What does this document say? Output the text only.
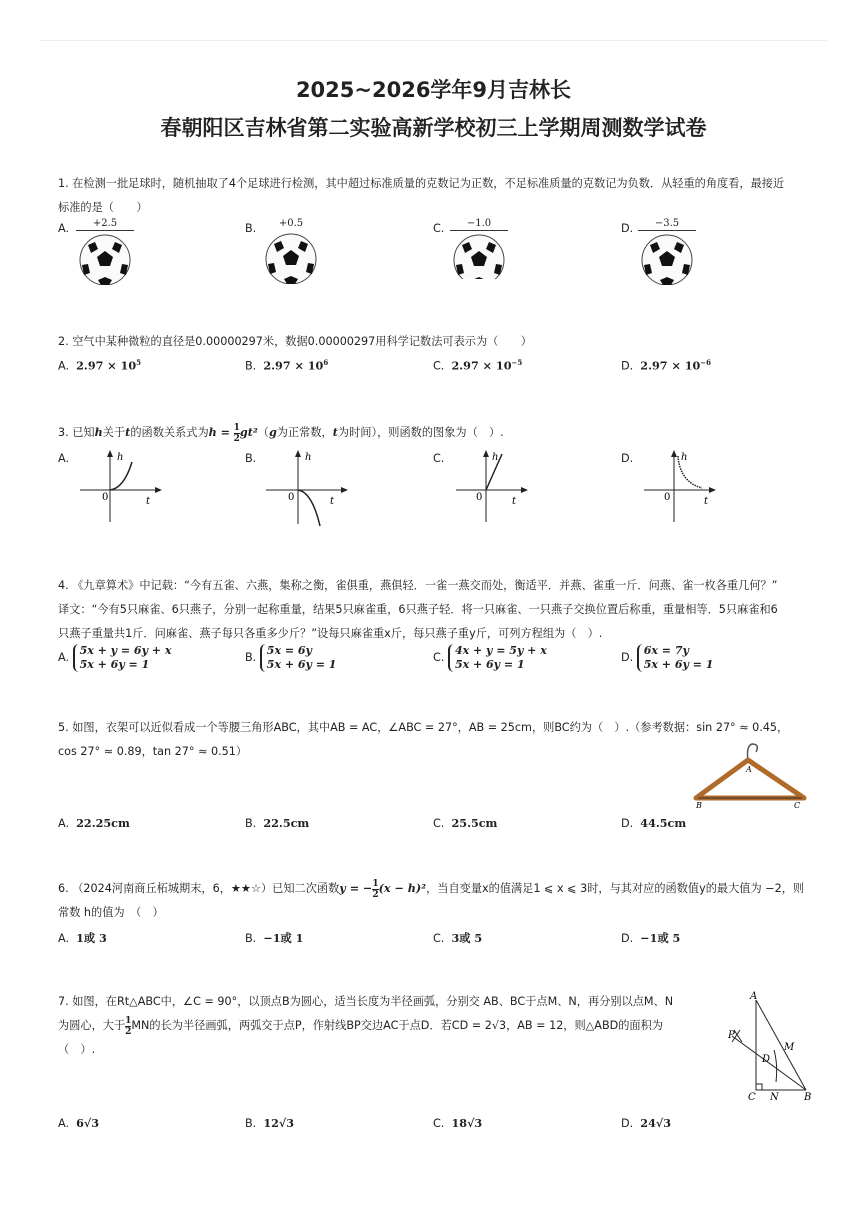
2025~2026学年9月吉林长
春朝阳区吉林省第二实验高新学校初三上学期周测数学试卷
1. 在检测一批足球时，随机抽取了4个足球进行检测，其中超过标准质量的克数记为正数，不足标准质量的克数记为负数．从轻重的角度看，最接近
标准的是（　　）
A.	+2.5	B.	+0.5	C.	−1.0	D.	−3.5
2. 空气中某种微粒的直径是0.00000297米，数据0.00000297用科学记数法可表示为（　　）
A. $2.97 \times 10^5$	B. $2.97 \times 10^6$	C. $2.97 \times 10^{-5}$	D. $2.97 \times 10^{-6}$
3. 已知h关于t的函数关系式为$h = \frac{1}{2} gt^2(g$为正常数，t为时间），则函数的图象为（　）.
A.	h
t
0
B.	h
t
0
C.	h
t
0
D.	h
t
0
4. 《九章算术》中记载：“今有五雀、六燕，集称之衡，雀俱重，燕俱轻．一雀一燕交而处，衡适平．并燕、雀重一斤．问燕、雀一枚各重几何？”
译文：“今有5只麻雀、6只燕子，分别一起称重量，结果5只麻雀重，6只燕子轻．将一只麻雀、一只燕子交换位置后称重，重量相等．5只麻雀和6
只燕子重量共1斤．问麻雀、燕子每只各重多少斤？”设每只麻雀重x斤，每只燕子重y斤，可列方程组为（　）.
A.
5x + y = 6y + x
5x + 6y = 1
B.
5x = 6y
5x + 6y = 1
C.
4x + y = 5y + x
5x + 6y = 1
D.
6x = 7y
5x + 6y = 1
5. 如图，衣架可以近似看成一个等腰三角形ABC，其中AB = AC，∠ABC = 27°，AB = 25cm，则BC约为（　）.（参考数据：sin 27° ≈ 0.45，
cos 27° ≈ 0.89，tan 27° ≈ 0.51）
A
B	C
A. 22.25cm	B. 22.5cm	C. 25.5cm	D. 44.5cm
6. （2024河南商丘柘城期末，6，★★☆）已知二次函数y = − $\frac{1}{2} (x - h)^2$，当自变量x的值满足1 ⩽ x ⩽ 3时，与其对应的函数值y的最大值为 −2，则
常数 h的值为　（　）
A. 1或 3	B. −1或 1	C. 3或 5	D. −1或 5
7. 如图，在Rt△ABC中，∠C = 90°，以顶点B为圆心，适当长度为半径画弧，分别交 AB、BC于点M、N，再分别以点M、N
为圆心，大于 $\frac{1}{2}$ MN的长为半径画弧，两弧交于点P，作射线BP交边AC于点D．若CD = 2√3，AB = 12，则△ABD的面积为
（　）.
A
B
C
D
M
N
P
A. 6√3	B. 12√3	C. 18√3	D. 24√3
